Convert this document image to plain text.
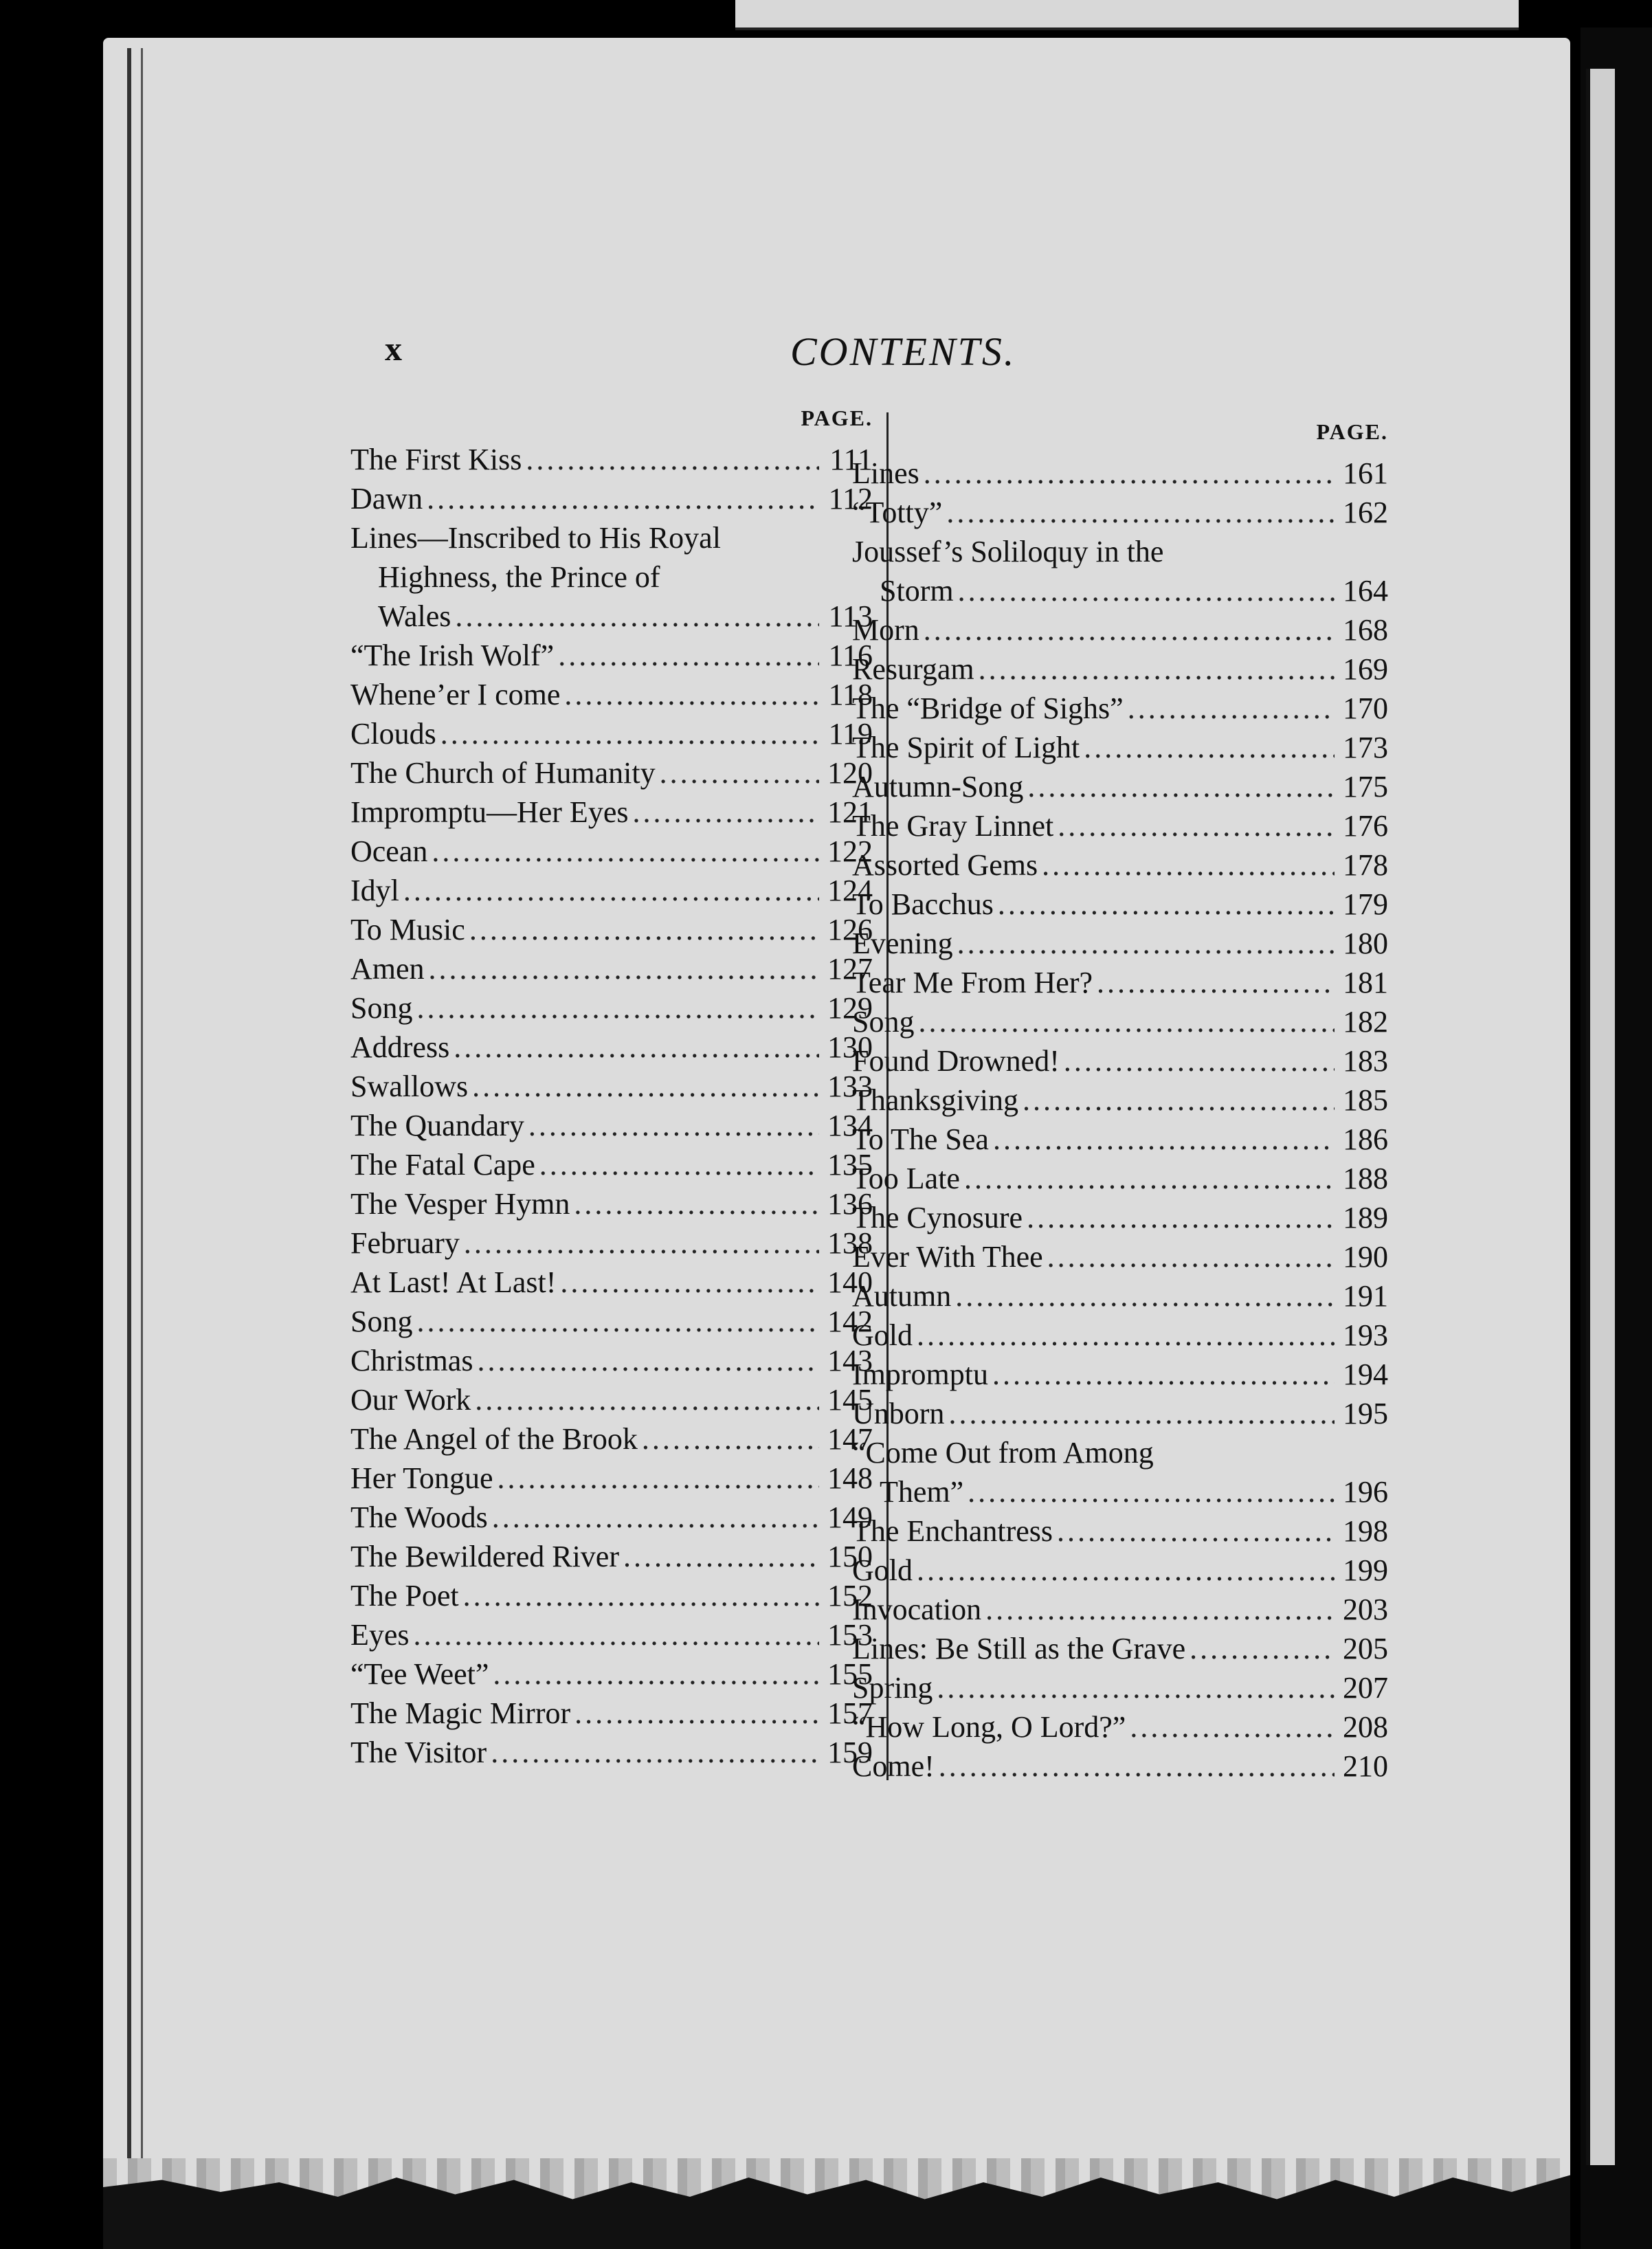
x	CONTENTS.
PAGE.
The First Kiss .....	111
Dawn .....	112
Lines—Inscribed to His Royal
Highness, the Prince of
Wales .....	113
“The Irish Wolf” .....	116
Whene’er I come .....	118
Clouds .....	119
The Church of Humanity .....	120
Impromptu—Her Eyes .....	121
Ocean .....	122
Idyl .....	124
To Music .....	126
Amen .....	127
Song .....	129
Address .....	130
Swallows .....	133
The Quandary .....	134
The Fatal Cape .....	135
The Vesper Hymn .....	136
February .....	138
At Last! At Last! .....	140
Song .....	142
Christmas .....	143
Our Work .....	145
The Angel of the Brook .....	147
Her Tongue .....	148
The Woods .....	149
The Bewildered River .....	150
The Poet .....	152
Eyes .....	153
“Tee Weet” .....	155
The Magic Mirror .....	157
The Visitor .....	159
PAGE.
Lines .....	161
“Totty” .....	162
Joussef’s Soliloquy in the
Storm .....	164
Morn .....	168
Resurgam .....	169
The “Bridge of Sighs” .....	170
The Spirit of Light .....	173
Autumn-Song .....	175
The Gray Linnet .....	176
Assorted Gems .....	178
To Bacchus .....	179
Evening .....	180
Tear Me From Her? .....	181
Song .....	182
Found Drowned! .....	183
Thanksgiving .....	185
To The Sea .....	186
Too Late .....	188
The Cynosure .....	189
Ever With Thee .....	190
Autumn .....	191
Gold .....	193
Impromptu .....	194
Unborn .....	195
“Come Out from Among
Them” .....	196
The Enchantress .....	198
Gold .....	199
Invocation .....	203
Lines: Be Still as the Grave .....	205
Spring .....	207
“How Long, O Lord?” .....	208
Come! .....	210
